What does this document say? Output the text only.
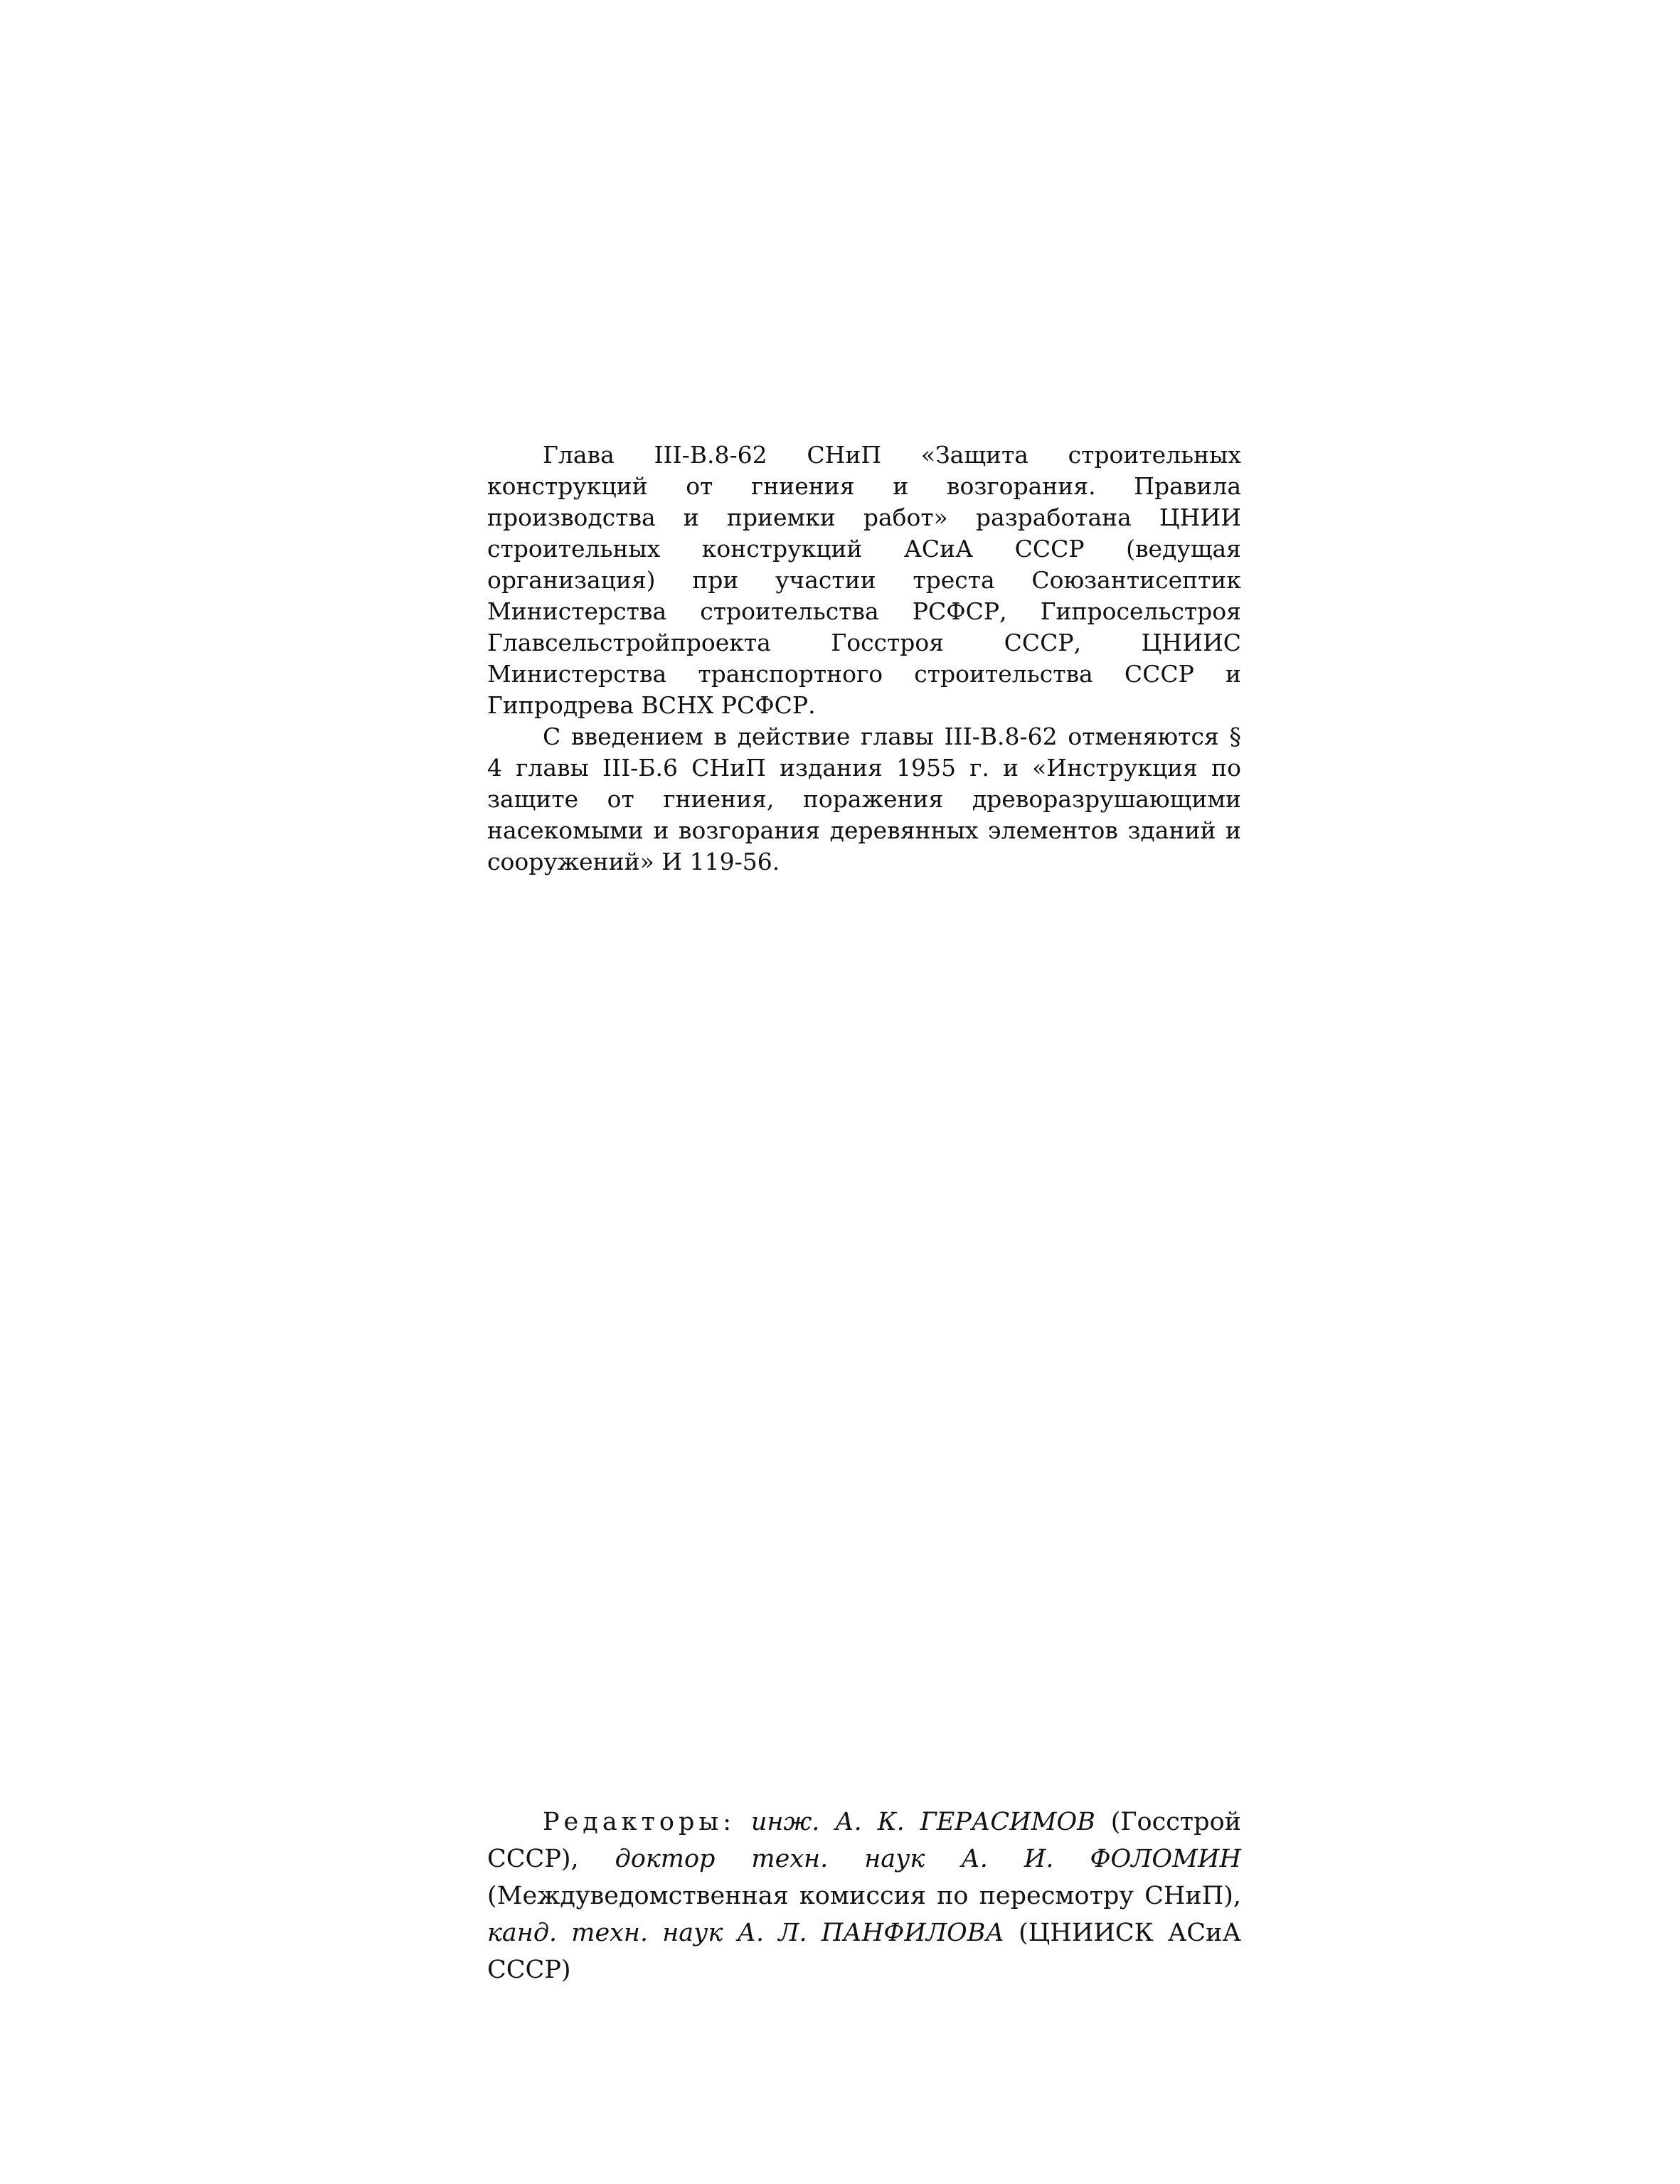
Глава III-В.8-62 СНиП «Защита строительных конструкций от гниения и возгорания. Правила производства и приемки работ» разработана ЦНИИ строительных конструкций АСиА СССР (ведущая организация) при участии треста Союзантисептик Министерства строительства РСФСР, Гипросельстроя Главсельстройпроекта Госстроя СССР, ЦНИИС Министерства транспортного строительства СССР и Гипродрева ВСНХ РСФСР.

С введением в действие главы III-В.8-62 отменяются § 4 главы III-Б.6 СНиП издания 1955 г. и «Инструкция по защите от гниения, поражения древоразрушающими насекомыми и возгорания деревянных элементов зданий и сооружений» И 119-56.

Редакторы: инж. А. К. ГЕРАСИМОВ (Госстрой СССР), доктор техн. наук А. И. ФОЛОМИН (Междуведомственная комиссия по пересмотру СНиП), канд. техн. наук А. Л. ПАНФИЛОВА (ЦНИИСК АСиА СССР)
